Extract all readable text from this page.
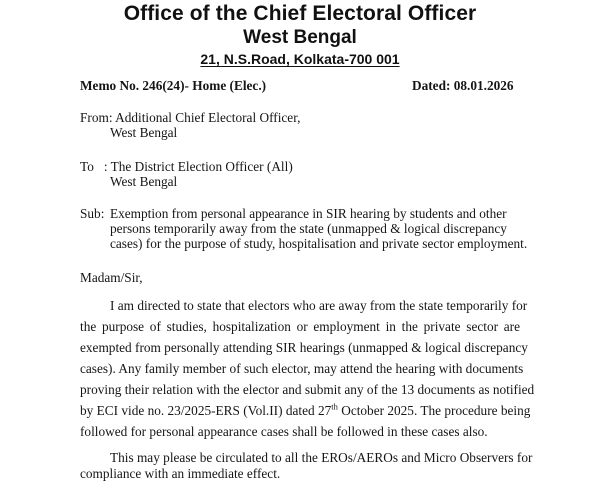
Office of the Chief Electoral Officer
West Bengal
21, N.S.Road, Kolkata-700 001
Memo No. 246(24)- Home (Elec.)	Dated: 08.01.2026
From: Additional Chief Electoral Officer,
West Bengal
To   : The District Election Officer (All)
West Bengal
Sub: Exemption from personal appearance in SIR hearing by students and other
persons temporarily away from the state (unmapped & logical discrepancy
cases) for the purpose of study, hospitalisation and private sector employment.
Madam/Sir,
I am directed to state that electors who are away from the state temporarily for
the purpose of studies, hospitalization or employment in the private sector are
exempted from personally attending SIR hearings (unmapped & logical discrepancy
cases). Any family member of such elector, may attend the hearing with documents
proving their relation with the elector and submit any of the 13 documents as notified
by ECI vide no. 23/2025-ERS (Vol.II) dated 27th October 2025. The procedure being
followed for personal appearance cases shall be followed in these cases also.
This may please be circulated to all the EROs/AEROs and Micro Observers for
compliance with an immediate effect.
